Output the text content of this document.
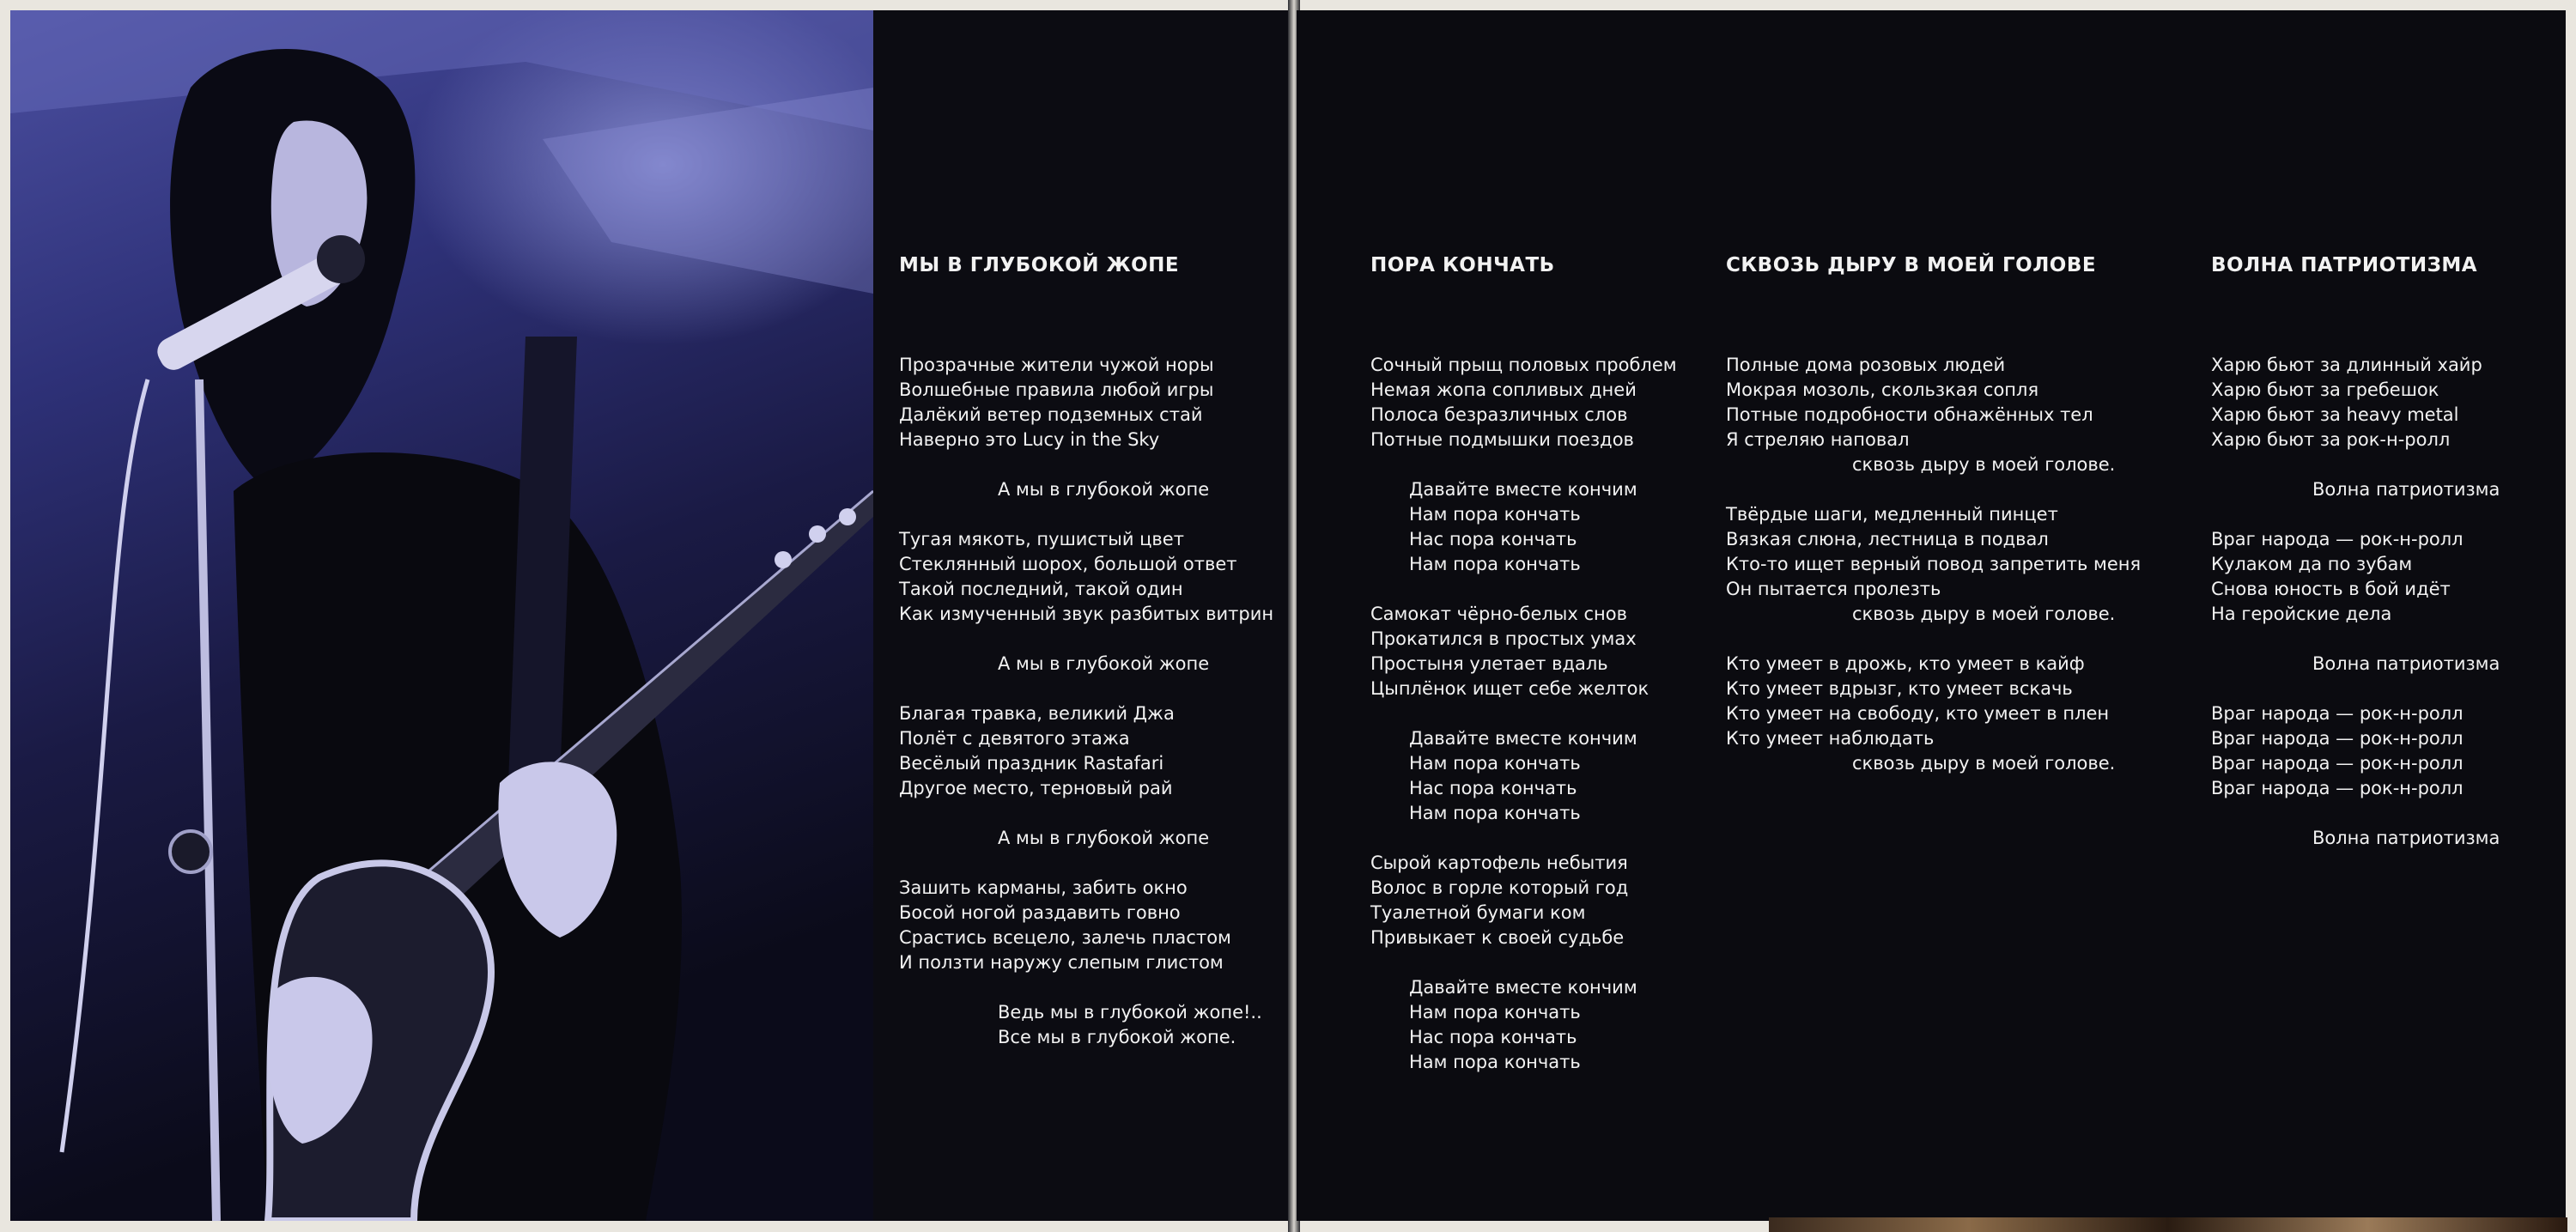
МЫ В ГЛУБОКОЙ ЖОПЕ

Прозрачные жители чужой норы
Волшебные правила любой игры
Далёкий ветер подземных стай
Наверно это Lucy in the Sky
А мы в глубокой жопе
Тугая мякоть, пушистый цвет
Стеклянный шорох, большой ответ
Такой последний, такой один
Как измученный звук разбитых витрин
А мы в глубокой жопе
Благая травка, великий Джа
Полёт с девятого этажа
Весёлый праздник Rastafari
Другое место, терновый рай
А мы в глубокой жопе
Зашить карманы, забить окно
Босой ногой раздавить говно
Срастись всецело, залечь пластом
И ползти наружу слепым глистом
Ведь мы в глубокой жопе!..
Все мы в глубокой жопе.

ПОРА КОНЧАТЬ

Сочный прыщ половых проблем
Немая жопа сопливых дней
Полоса безразличных слов
Потные подмышки поездов
Давайте вместе кончим
Нам пора кончать
Нас пора кончать
Нам пора кончать
Самокат чёрно-белых снов
Прокатился в простых умах
Простыня улетает вдаль
Цыплёнок ищет себе желток
Давайте вместе кончим
Нам пора кончать
Нас пора кончать
Нам пора кончать
Сырой картофель небытия
Волос в горле который год
Туалетной бумаги ком
Привыкает к своей судьбе
Давайте вместе кончим
Нам пора кончать
Нас пора кончать
Нам пора кончать

СКВОЗЬ ДЫРУ В МОЕЙ ГОЛОВЕ

Полные дома розовых людей
Мокрая мозоль, скользкая сопля
Потные подробности обнажённых тел
Я стреляю наповал
сквозь дыру в моей голове.
Твёрдые шаги, медленный пинцет
Вязкая слюна, лестница в подвал
Кто-то ищет верный повод запретить меня
Он пытается пролезть
сквозь дыру в моей голове.
Кто умеет в дрожь, кто умеет в кайф
Кто умеет вдрызг, кто умеет вскачь
Кто умеет на свободу, кто умеет в плен
Кто умеет наблюдать
сквозь дыру в моей голове.

ВОЛНА ПАТРИОТИЗМА

Харю бьют за длинный хайр
Харю бьют за гребешок
Харю бьют за heavy metal
Харю бьют за рок-н-ролл
Волна патриотизма
Враг народа — рок-н-ролл
Кулаком да по зубам
Снова юность в бой идёт
На геройские дела
Волна патриотизма
Враг народа — рок-н-ролл
Враг народа — рок-н-ролл
Враг народа — рок-н-ролл
Враг народа — рок-н-ролл
Волна патриотизма
